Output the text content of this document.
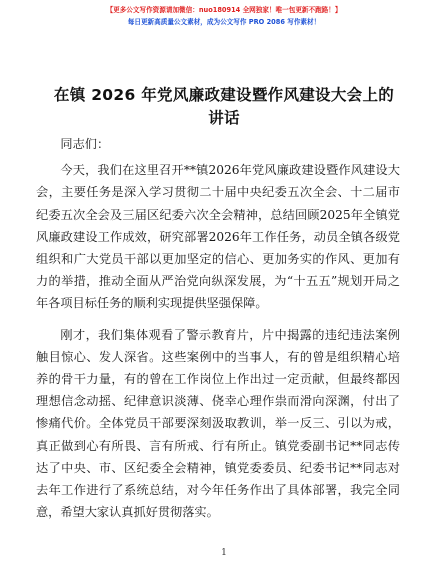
【更多公文写作资源请加微信：nuo180914 全网独家！唯一包更新不跑路！】
每日更新高质量公文素材，成为公文写作 PRO 2086 写作素材！
在镇 2026 年党风廉政建设暨作风建设大会上的讲话

同志们：

今天，我们在这里召开**镇2026年党风廉政建设暨作风建设大会，主要任务是深入学习贯彻二十届中央纪委五次全会、十二届市纪委五次全会及三届区纪委六次全会精神，总结回顾2025年全镇党风廉政建设工作成效，研究部署2026年工作任务，动员全镇各级党组织和广大党员干部以更加坚定的信心、更加务实的作风、更加有力的举措，推动全面从严治党向纵深发展，为“十五五”规划开局之年各项目标任务的顺利实现提供坚强保障。

刚才，我们集体观看了警示教育片，片中揭露的违纪违法案例触目惊心、发人深省。这些案例中的当事人，有的曾是组织精心培养的骨干力量，有的曾在工作岗位上作出过一定贡献，但最终都因理想信念动摇、纪律意识淡薄、侥幸心理作祟而滑向深渊，付出了惨痛代价。全体党员干部要深刻汲取教训，举一反三、引以为戒，真正做到心有所畏、言有所戒、行有所止。镇党委副书记**同志传达了中央、市、区纪委全会精神，镇党委委员、纪委书记**同志对去年工作进行了系统总结，对今年任务作出了具体部署，我完全同意，希望大家认真抓好贯彻落实。

1
